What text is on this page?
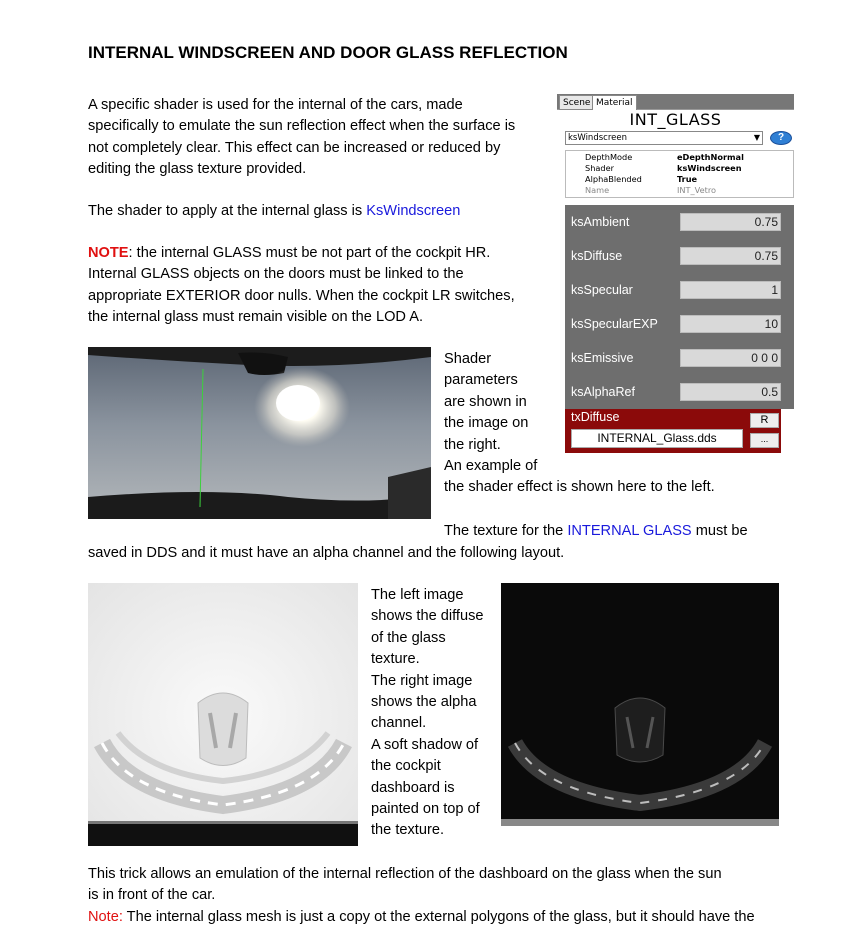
INTERNAL WINDSCREEN AND DOOR GLASS REFLECTION
A specific shader is used for the internal of the cars, made
specifically to emulate the sun reflection effect when the surface is
not completely clear. This effect can be increased or reduced by
editing the glass texture provided.
The shader to apply at the internal glass is KsWindscreen
NOTE: the internal GLASS must be not part of the cockpit HR.
Internal GLASS objects on the doors must be linked to the
appropriate EXTERIOR door nulls. When the cockpit LR switches,
the internal glass must remain visible on the LOD A.
Shader
parameters
are shown in
the image on
the right.
An example of
the shader effect is shown here to the left.
Scene Material
INT_GLASS
ksWindscreen	▼	?
DepthMode	eDepthNormal
Shader	ksWindscreen
AlphaBlended	True
Name	INT_Vetro
ksAmbient	0.75
ksDiffuse	0.75
ksSpecular	1
ksSpecularEXP	10
ksEmissive	0 0 0
ksAlphaRef	0.5
txDiffuse
INTERNAL_Glass.dds
R
...
The texture for the INTERNAL GLASS must be
saved in DDS and it must have an alpha channel and the following layout.
The left image
shows the diffuse
of the glass
texture.
The right image
shows the alpha
channel.
A soft shadow of
the cockpit
dashboard is
painted on top of
the texture.
This trick allows an emulation of the internal reflection of the dashboard on the glass when the sun
is in front of the car.
Note: The internal glass mesh is just a copy ot the external polygons of the glass, but it should have the
